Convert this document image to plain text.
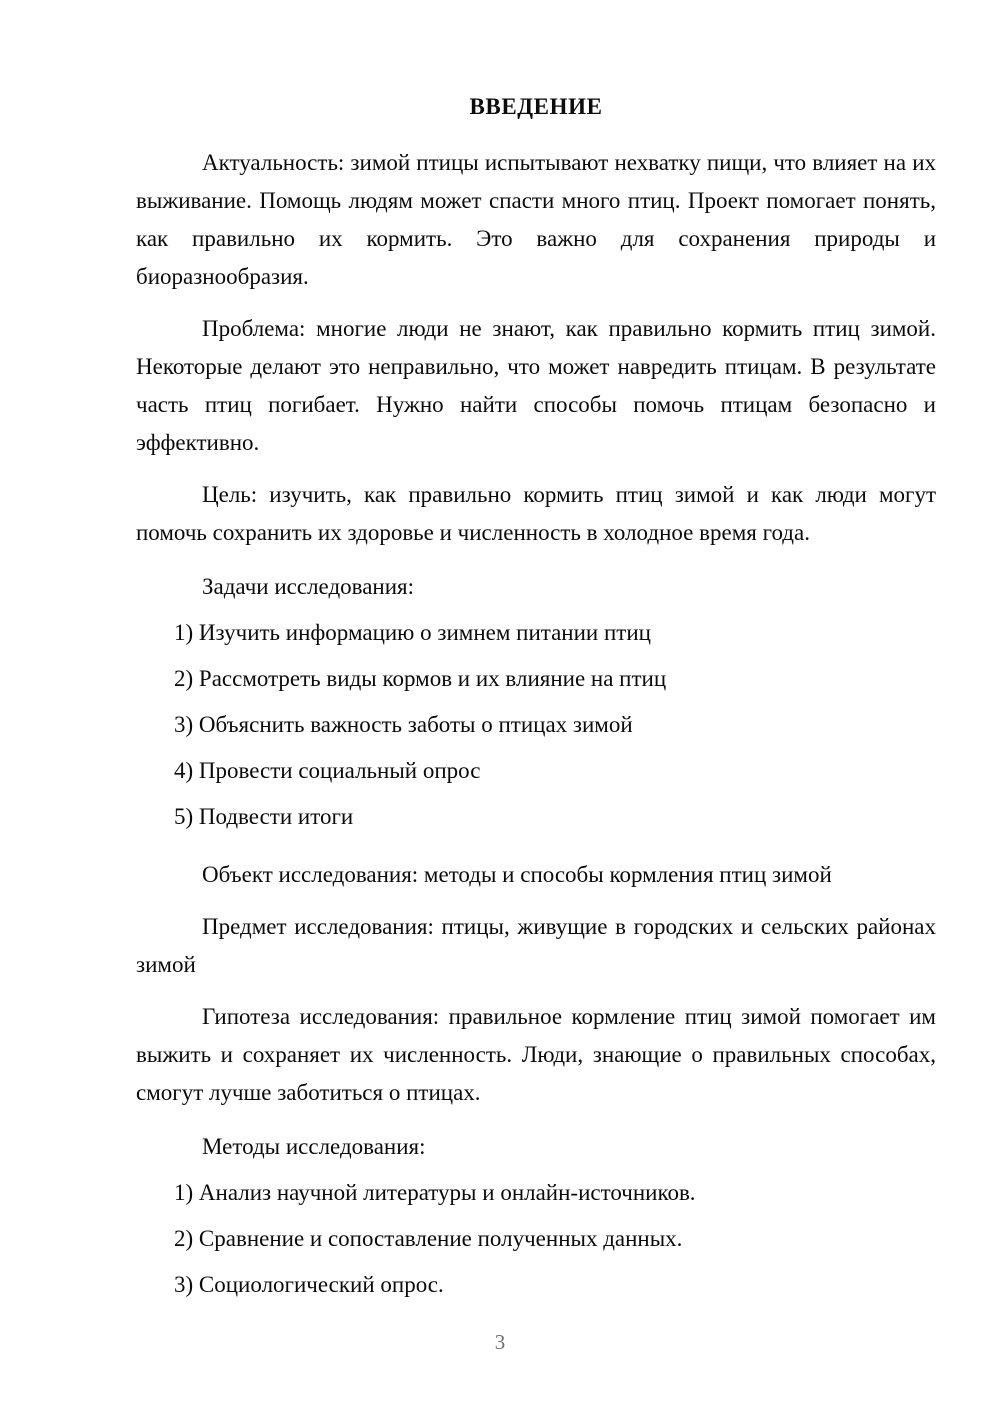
ВВЕДЕНИЕ

Актуальность: зимой птицы испытывают нехватку пищи, что влияет на их выживание. Помощь людям может спасти много птиц. Проект помогает понять, как правильно их кормить. Это важно для сохранения природы и биоразнообразия.

Проблема: многие люди не знают, как правильно кормить птиц зимой. Некоторые делают это неправильно, что может навредить птицам. В результате часть птиц погибает. Нужно найти способы помочь птицам безопасно и эффективно.

Цель: изучить, как правильно кормить птиц зимой и как люди могут помочь сохранить их здоровье и численность в холодное время года.

Задачи исследования:

1) Изучить информацию о зимнем питании птиц
2) Рассмотреть виды кормов и их влияние на птиц
3) Объяснить важность заботы о птицах зимой
4) Провести социальный опрос
5) Подвести итоги

Объект исследования: методы и способы кормления птиц зимой

Предмет исследования: птицы, живущие в городских и сельских районах зимой

Гипотеза исследования: правильное кормление птиц зимой помогает им выжить и сохраняет их численность. Люди, знающие о правильных способах, смогут лучше заботиться о птицах.

Методы исследования:

1) Анализ научной литературы и онлайн-источников.
2) Сравнение и сопоставление полученных данных.
3) Социологический опрос.
3
